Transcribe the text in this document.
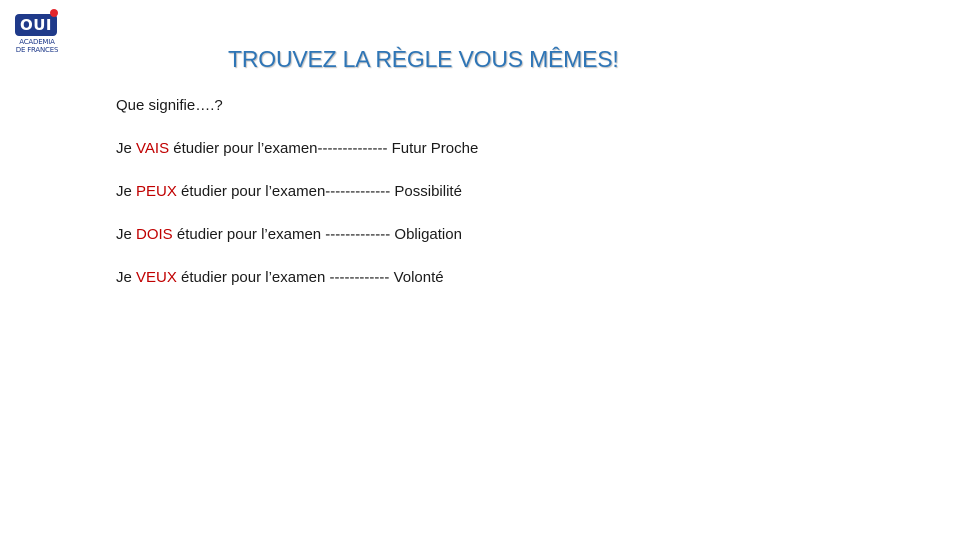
OUI
ACADEMIA
DE FRANCES	TROUVEZ LA RÈGLE VOUS MÊMES!
Que signifie….?
Je VAIS étudier pour l’examen-------------- Futur Proche
Je PEUX étudier pour l’examen------------- Possibilité
Je DOIS étudier pour l’examen ------------- Obligation
Je VEUX étudier pour l’examen ------------ Volonté
